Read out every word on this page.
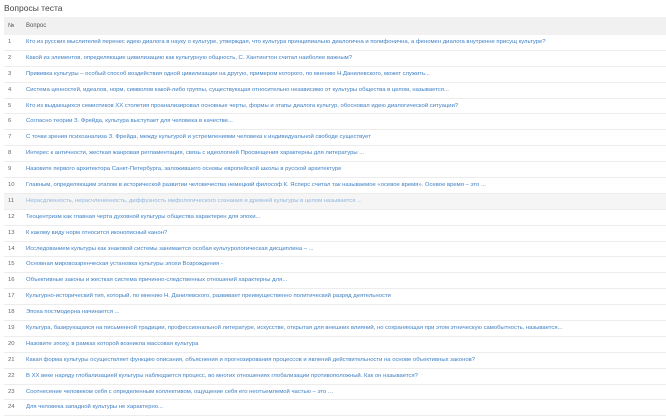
Вопросы теста
№	Вопрос
1	Кто из русских мыслителей перенес идею диалога в науку о культуре, утверждая, что культура принципиально диалогична и полифонична, а феномен диалога внутренне присущ культуре?
2	Какой из элементов, определяющие цивилизацию как культурную общность, С. Хантингтон считал наиболее важным?
3	Прививка культуры – особый способ воздействия одной цивилизации на другую, примером которого, по мнению Н.Данилевского, может служить...
4	Система ценностей, идеалов, норм, символов какой-либо группы, существующая относительно независимо от культуры общества в целом, называется...
5	Кто из выдающихся семиотиков ХХ столетия проанализировал основные черты, формы и этапы диалога культур, обосновал идею диалогической ситуации?
6	Согласно теории З. Фрейда, культура выступает для человека в качестве...
7	С точки зрения психоанализа З. Фрейда, между культурой и устремлениями человека к индивидуальной свободе существует
8	Интерес к античности, жесткая жанровая регламентация, связь с идеологией Просвещения характерны для литературы ...
9	Назовите первого архитектора Санкт-Петербурга, заложившего основы европейской школы в русской архитектуре
10	Главным, определяющим этапом в исторической развитии человечества немецкий философ К. Ясперс считал так называемое «осевое время». Осевое время – это ...
11	Нерасдленность, нерасчлененность, диффузность мифологического сознания и древней культуры в целом называется ...
12	Теоцентризм как главная черта духовной культуры общества характерен для эпохи...
13	К какому виду норм относится иконописный канон?
14	Исследованием культуры как знаковой системы занимается особая культурологическая дисциплина – ...
15	Основная мировоззренческая установка культуры эпохи Возрождения -
16	Объективные законы и жесткая система причинно-следственных отношений характерны для...
17	Культурно-исторический тип, который, по мнению Н. Данилевского, развивает преимущественно политический разряд деятельности
18	Эпоха постмодерна начинается ...
19	Культура, базирующаяся на письменной традиции, профессиональной литературе, искусстве, открытая для внешних влияний, но сохраняющая при этом этническую самобытность, называется...
20	Назовите эпоху, в рамках которой возникла массовая культура
21	Какая форма культуры осуществляет функцию описания, объяснения и прогнозирования процессов и явлений действительности на основе объективных законов?
22	В ХХ веке наряду глобализацией культуры наблюдается процесс, во многих отношениях глобализации противоположный. Как он называется?
23	Соотнесение человеком себя с определенным коллективом, ощущение себя его неотъемлемой частью – это ...
24	Для человека западной культуры не характерно...
